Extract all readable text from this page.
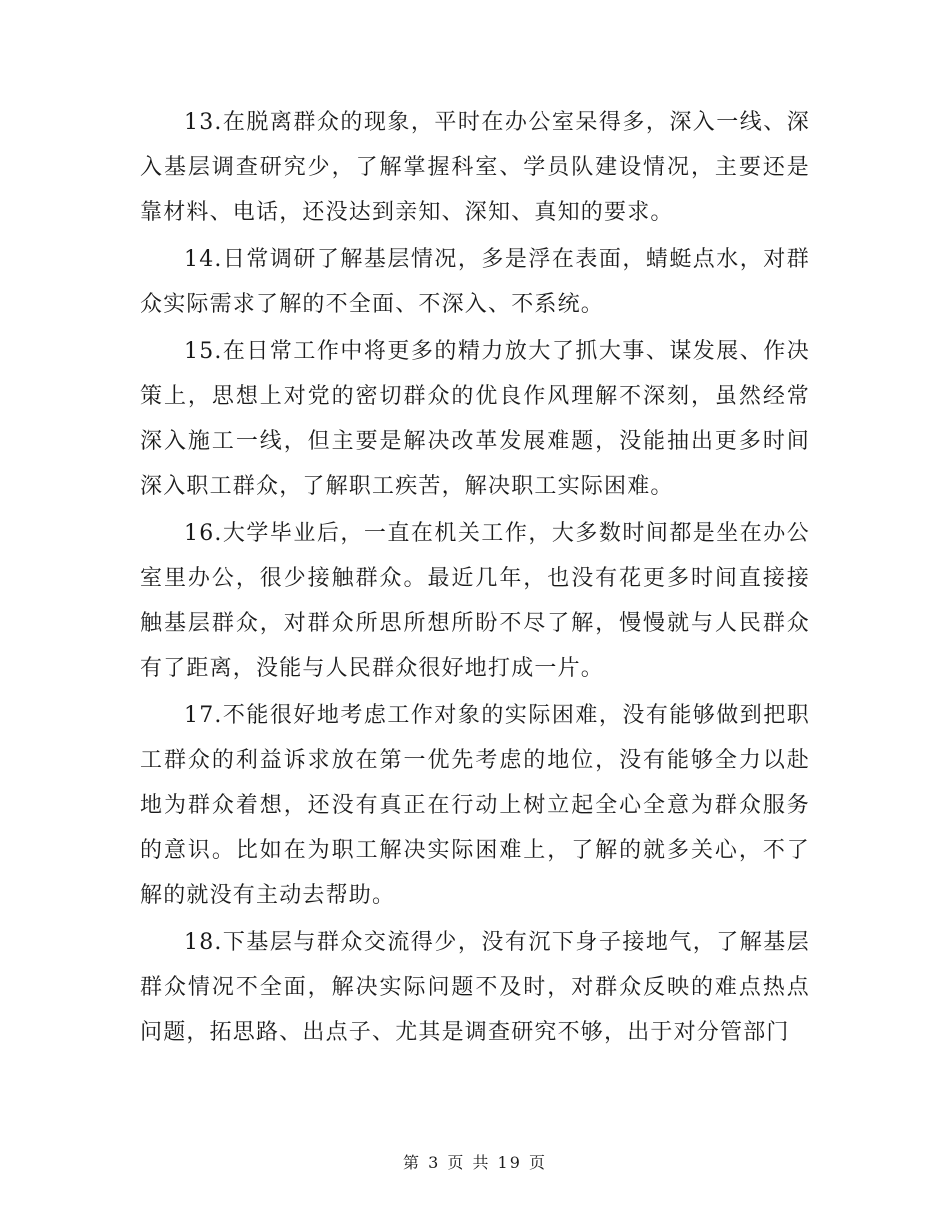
13.在脱离群众的现象，平时在办公室呆得多，深入一线、深入基层调查研究少，了解掌握科室、学员队建设情况，主要还是靠材料、电话，还没达到亲知、深知、真知的要求。

14.日常调研了解基层情况，多是浮在表面，蜻蜓点水，对群众实际需求了解的不全面、不深入、不系统。

15.在日常工作中将更多的精力放大了抓大事、谋发展、作决策上，思想上对党的密切群众的优良作风理解不深刻，虽然经常深入施工一线，但主要是解决改革发展难题，没能抽出更多时间深入职工群众，了解职工疾苦，解决职工实际困难。

16.大学毕业后，一直在机关工作，大多数时间都是坐在办公室里办公，很少接触群众。最近几年，也没有花更多时间直接接触基层群众，对群众所思所想所盼不尽了解，慢慢就与人民群众有了距离，没能与人民群众很好地打成一片。

17.不能很好地考虑工作对象的实际困难，没有能够做到把职工群众的利益诉求放在第一优先考虑的地位，没有能够全力以赴地为群众着想，还没有真正在行动上树立起全心全意为群众服务的意识。比如在为职工解决实际困难上，了解的就多关心，不了解的就没有主动去帮助。

18.下基层与群众交流得少，没有沉下身子接地气，了解基层群众情况不全面，解决实际问题不及时，对群众反映的难点热点问题，拓思路、出点子、尤其是调查研究不够，出于对分管部门

第 3 页 共 19 页
